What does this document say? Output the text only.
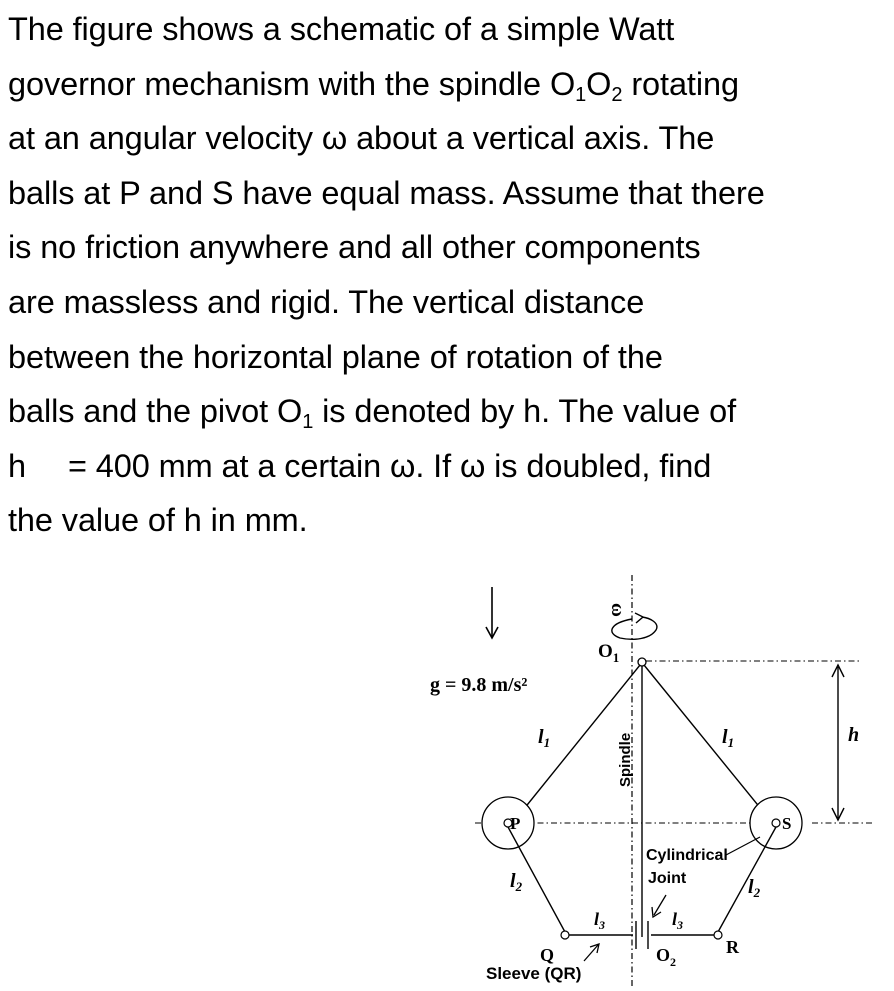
The figure shows a schematic of a simple Watt
governor mechanism with the spindle $O_1O_2$ rotating
at an angular velocity ω about a vertical axis. The
balls at P and S have equal mass. Assume that there
is no friction anywhere and all other components
are massless and rigid. The vertical distance
between the horizontal plane of rotation of the
balls and the pivot $O_1$ is denoted by h. The value of
h = 400 mm at a certain ω. If ω is doubled, find
the value of h in mm.
g = 9.8 m/s²
ω
$O_1$
h
$l_1$	$l_1$
Spindle
P	S
$l_2$	$l_2$
Q	R
$l_3$	$l_3$
$O_2$
Cylindrical
Joint
Sleeve (QR)
